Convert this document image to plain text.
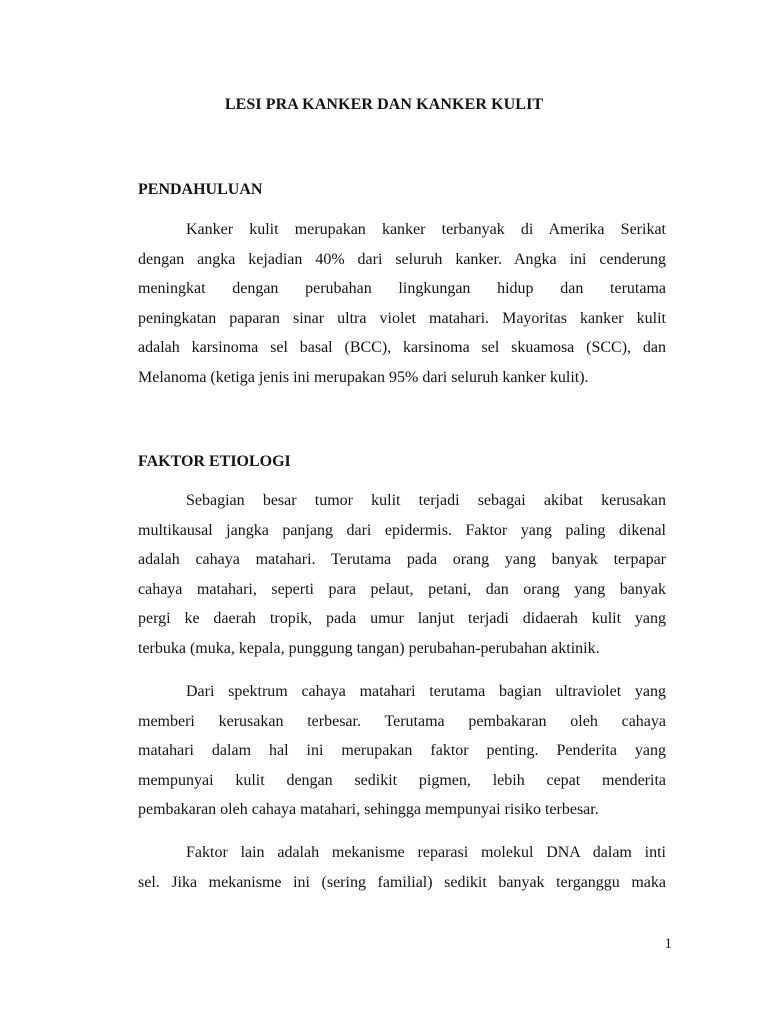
LESI PRA KANKER DAN KANKER KULIT
PENDAHULUAN

Kanker kulit merupakan kanker terbanyak di Amerika Serikat
dengan angka kejadian 40% dari seluruh kanker. Angka ini cenderung
meningkat dengan perubahan lingkungan hidup dan terutama
peningkatan paparan sinar ultra violet matahari. Mayoritas kanker kulit
adalah karsinoma sel basal (BCC), karsinoma sel skuamosa (SCC), dan
Melanoma (ketiga jenis ini merupakan 95% dari seluruh kanker kulit).

FAKTOR ETIOLOGI

Sebagian besar tumor kulit terjadi sebagai akibat kerusakan
multikausal jangka panjang dari epidermis. Faktor yang paling dikenal
adalah cahaya matahari. Terutama pada orang yang banyak terpapar
cahaya matahari, seperti para pelaut, petani, dan orang yang banyak
pergi ke daerah tropik, pada umur lanjut terjadi didaerah kulit yang
terbuka (muka, kepala, punggung tangan) perubahan-perubahan aktinik.

Dari spektrum cahaya matahari terutama bagian ultraviolet yang
memberi kerusakan terbesar. Terutama pembakaran oleh cahaya
matahari dalam hal ini merupakan faktor penting. Penderita yang
mempunyai kulit dengan sedikit pigmen, lebih cepat menderita
pembakaran oleh cahaya matahari, sehingga mempunyai risiko terbesar.

Faktor lain adalah mekanisme reparasi molekul DNA dalam inti
sel. Jika mekanisme ini (sering familial) sedikit banyak terganggu maka

1
